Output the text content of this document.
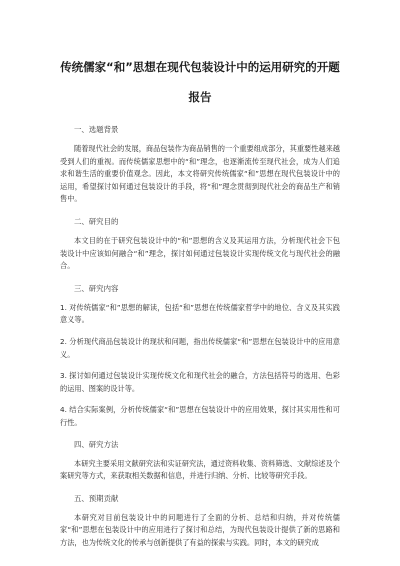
传统儒家“和”思想在现代包装设计中的运用研究的开题报告
一、选题背景
随着现代社会的发展，商品包装作为商品销售的一个重要组成部分，其重要性越来越受到人们的重视。而传统儒家思想中的“和”理念，也逐渐流传至现代社会，成为人们追求和谐生活的重要价值观念。因此，本文将研究传统儒家“和”思想在现代包装设计中的运用，希望探讨如何通过包装设计的手段，将“和”理念贯彻到现代社会的商品生产和销售中。
二、研究目的
本文目的在于研究包装设计中的“和”思想的含义及其运用方法，分析现代社会下包装设计中应该如何融合“和”理念，探讨如何通过包装设计实现传统文化与现代社会的融合。
三、研究内容
1. 对传统儒家“和”思想的解读，包括“和”思想在传统儒家哲学中的地位、含义及其实践意义等。
2. 分析现代商品包装设计的现状和问题，指出传统儒家“和”思想在包装设计中的应用意义。
3. 探讨如何通过包装设计实现传统文化和现代社会的融合，方法包括符号的选用、色彩的运用、图案的设计等。
4. 结合实际案例，分析传统儒家“和”思想在包装设计中的应用效果，探讨其实用性和可行性。
四、研究方法
本研究主要采用文献研究法和实证研究法，通过资料收集、资料筛选、文献综述及个案研究等方式，来获取相关数据和信息，并进行归纳、分析、比较等研究手段。
五、预期贡献
本研究对目前包装设计中的问题进行了全面的分析、总结和归纳，并对传统儒家“和”思想在包装设计中的应用进行了探讨和总结，为现代包装设计提供了新的思路和方法，也为传统文化的传承与创新提供了有益的探索与实践。同时，本文的研究成
